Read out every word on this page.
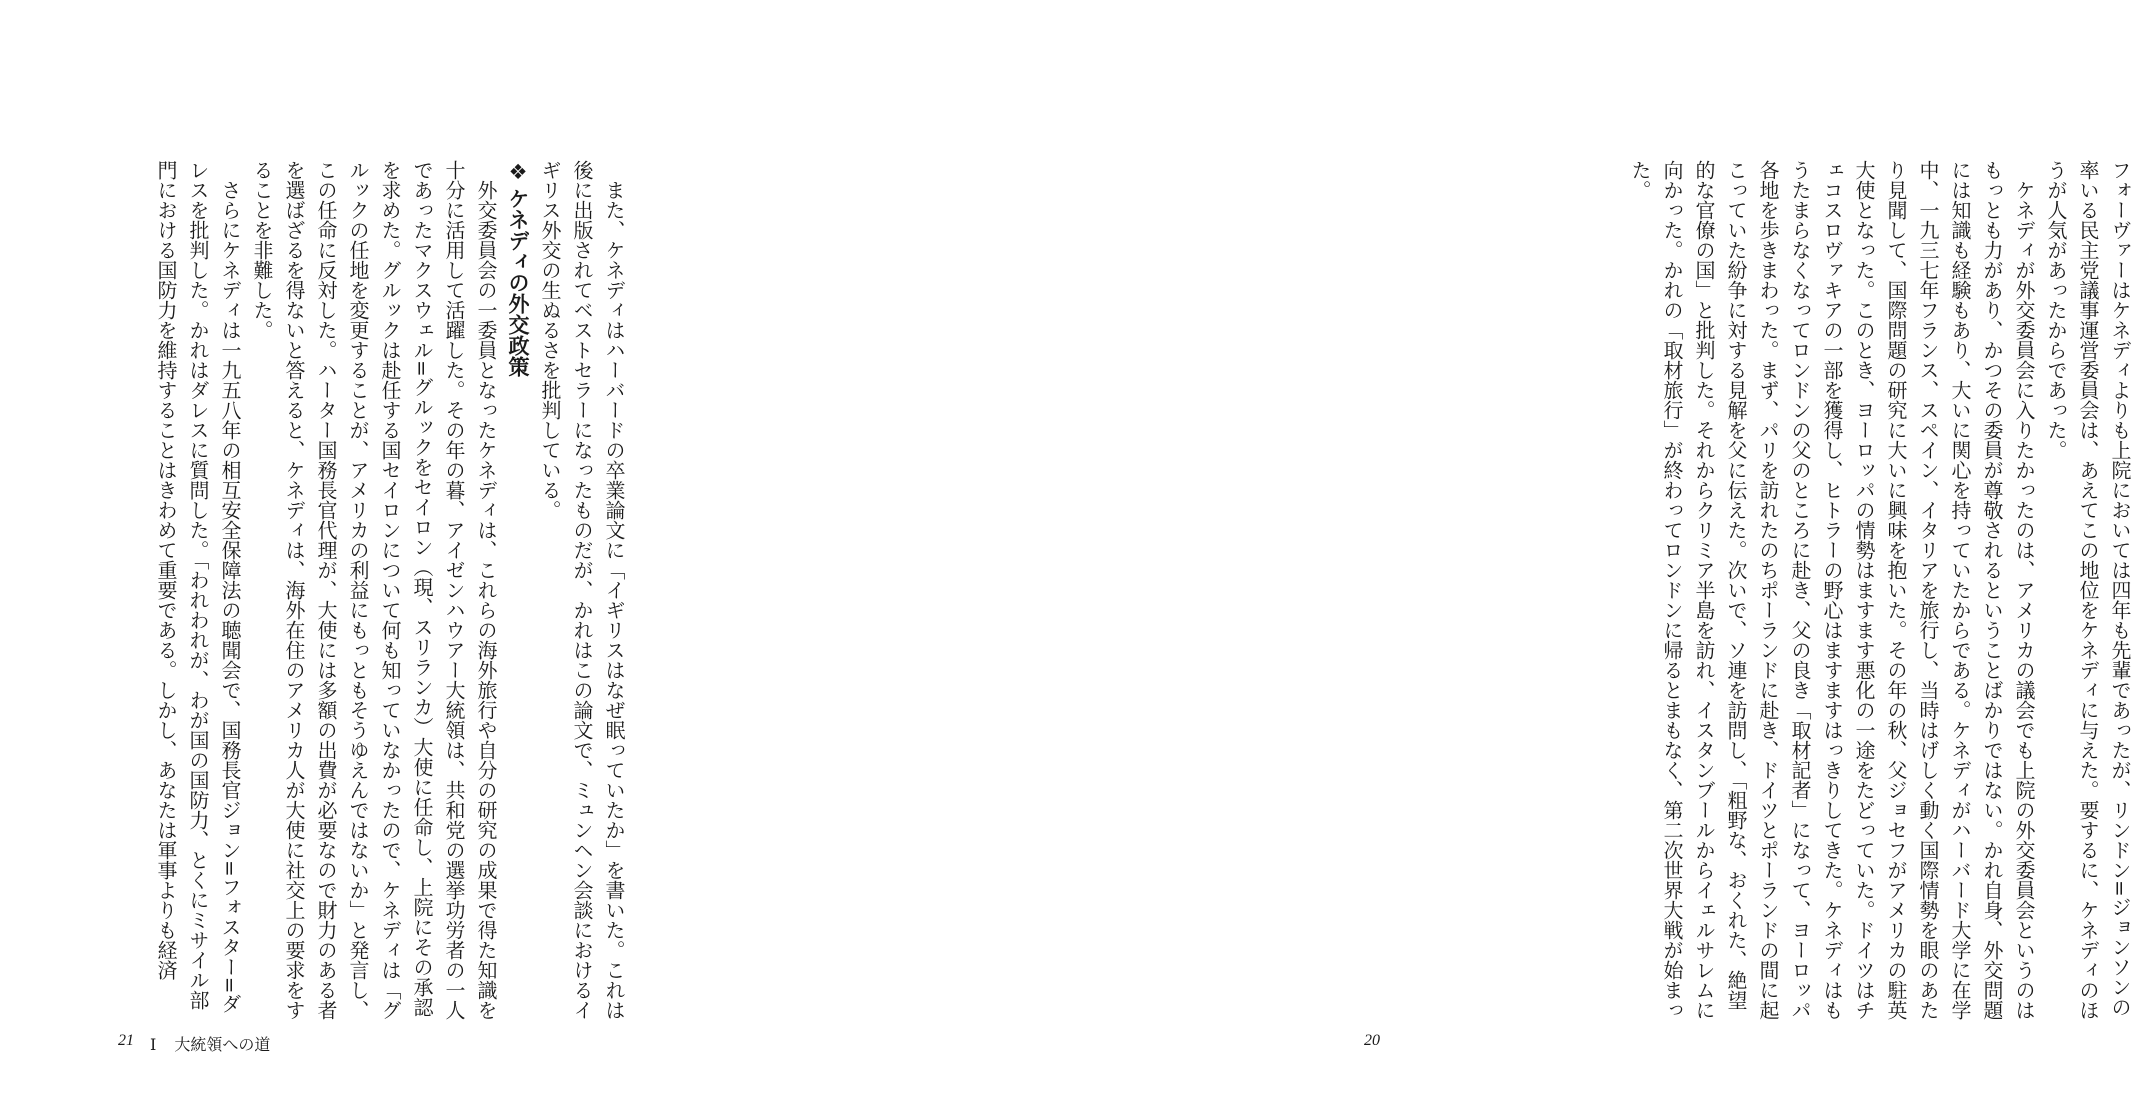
フォーヴァーはケネディよりも上院においては四年も先輩であったが、リンドン=ジョンソンの率いる民主党議事運営委員会は、あえてこの地位をケネディに与えた。要するに、ケネディのほうが人気があったからであった。

ケネディが外交委員会に入りたかったのは、アメリカの議会でも上院の外交委員会というのはもっとも力があり、かつその委員が尊敬されるということばかりではない。かれ自身、外交問題には知識も経験もあり、大いに関心を持っていたからである。ケネディがハーバード大学に在学中、一九三七年フランス、スペイン、イタリアを旅行し、当時はげしく動く国際情勢を眼のあたり見聞して、国際問題の研究に大いに興味を抱いた。その年の秋、父ジョセフがアメリカの駐英大使となった。このとき、ヨーロッパの情勢はますます悪化の一途をたどっていた。ドイツはチェコスロヴァキアの一部を獲得し、ヒトラーの野心はますますはっきりしてきた。ケネディはもうたまらなくなってロンドンの父のところに赴き、父の良き「取材記者」になって、ヨーロッパ各地を歩きまわった。まず、パリを訪れたのちポーランドに赴き、ドイツとポーランドの間に起こっていた紛争に対する見解を父に伝えた。次いで、ソ連を訪問し、「粗野な、おくれた、絶望的な官僚の国」と批判した。それからクリミア半島を訪れ、イスタンブールからイェルサレムに向かった。かれの「取材旅行」が終わってロンドンに帰るとまもなく、第二次世界大戦が始まった。

20

また、ケネディはハーバードの卒業論文に「イギリスはなぜ眠っていたか」を書いた。これは後に出版されてベストセラーになったものだが、かれはこの論文で、ミュンヘン会談におけるイギリス外交の生ぬるさを批判している。

❖ケネディの外交政策

外交委員会の一委員となったケネディは、これらの海外旅行や自分の研究の成果で得た知識を十分に活用して活躍した。その年の暮、アイゼンハウアー大統領は、共和党の選挙功労者の一人であったマクスウェル=グルックをセイロン（現、スリランカ）大使に任命し、上院にその承認を求めた。グルックは赴任する国セイロンについて何も知っていなかったので、ケネディは「グルックの任地を変更することが、アメリカの利益にもっともそうゆえんではないか」と発言し、この任命に反対した。ハーター国務長官代理が、大使には多額の出費が必要なので財力のある者を選ばざるを得ないと答えると、ケネディは、海外在住のアメリカ人が大使に社交上の要求をすることを非難した。

さらにケネディは一九五八年の相互安全保障法の聴聞会で、国務長官ジョン=フォスター=ダレスを批判した。かれはダレスに質問した。「われわれが、わが国の国防力、とくにミサイル部門における国防力を維持することはきわめて重要である。しかし、あなたは軍事よりも経済

21 I 大統領への道
